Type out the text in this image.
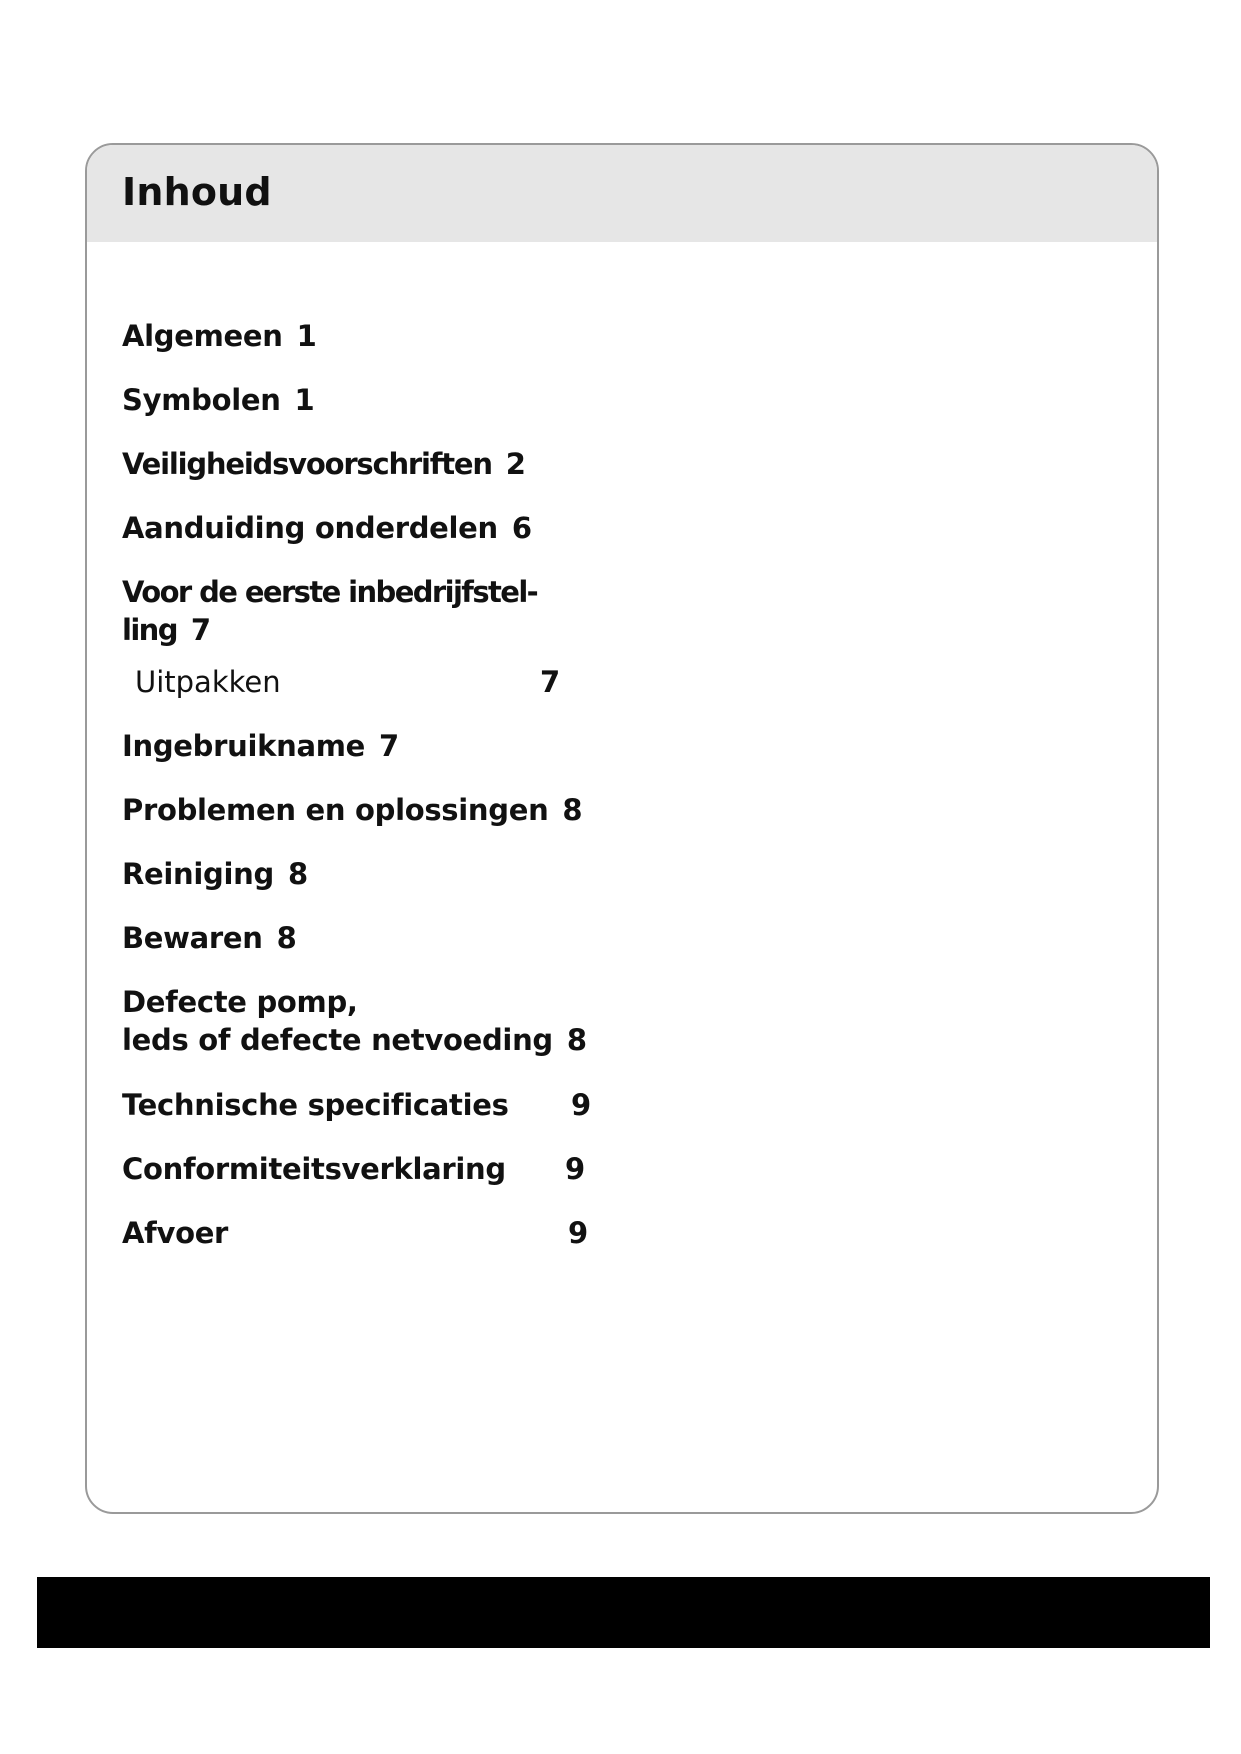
Inhoud
Algemeen 1
Symbolen 1
Veiligheidsvoorschriften 2
Aanduiding onderdelen 6
Voor de eerste inbedrijfstel-
ling 7
Uitpakken	7
Ingebruikname 7
Problemen en oplossingen 8
Reiniging 8
Bewaren 8
Defecte pomp,
leds of defecte netvoeding 8
Technische specificaties 9
Conformiteitsverklaring 9
Afvoer	9
